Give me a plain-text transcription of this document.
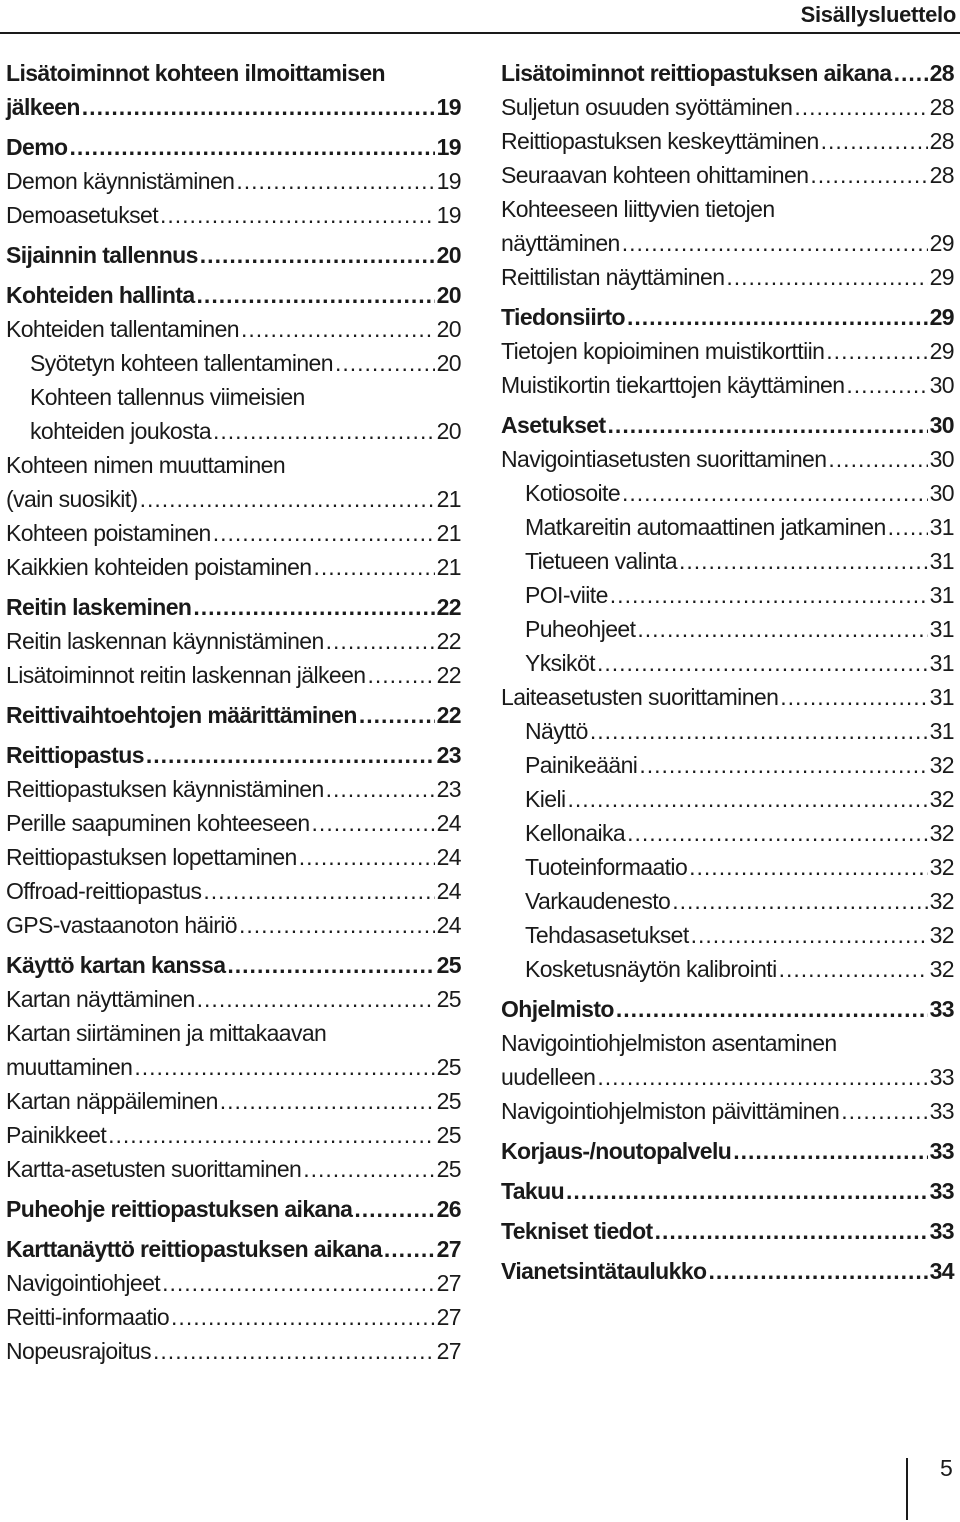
Sisällysluettelo
Lisätoiminnot kohteen ilmoittamisen
jälkeen .....	19
Demo .....	19
Demon käynnistäminen .....	19
Demoasetukset .....	19
Sijainnin tallennus .....	20
Kohteiden hallinta .....	20
Kohteiden tallentaminen .....	20
Syötetyn kohteen tallentaminen .....	20
Kohteen tallennus viimeisien
kohteiden joukosta .....	20
Kohteen nimen muuttaminen
(vain suosikit) .....	21
Kohteen poistaminen .....	21
Kaikkien kohteiden poistaminen .....	21
Reitin laskeminen .....	22
Reitin laskennan käynnistäminen .....	22
Lisätoiminnot reitin laskennan jälkeen .....	22
Reittivaihtoehtojen määrittäminen .....	22
Reittiopastus .....	23
Reittiopastuksen käynnistäminen .....	23
Perille saapuminen kohteeseen .....	24
Reittiopastuksen lopettaminen .....	24
Offroad-reittiopastus .....	24
GPS-vastaanoton häiriö .....	24
Käyttö kartan kanssa .....	25
Kartan näyttäminen .....	25
Kartan siirtäminen ja mittakaavan
muuttaminen .....	25
Kartan näppäileminen .....	25
Painikkeet .....	25
Kartta-asetusten suorittaminen .....	25
Puheohje reittiopastuksen aikana .....	26
Karttanäyttö reittiopastuksen aikana ..... 27
Navigointiohjeet .....	27
Reitti-informaatio .....	27
Nopeusrajoitus .....	27
Lisätoiminnot reittiopastuksen aikana ..... 28
Suljetun osuuden syöttäminen .....	28
Reittiopastuksen keskeyttäminen .....	28
Seuraavan kohteen ohittaminen .....	28
Kohteeseen liittyvien tietojen
näyttäminen .....	29
Reittilistan näyttäminen .....	29
Tiedonsiirto .....	29
Tietojen kopioiminen muistikorttiin .....	29
Muistikortin tiekarttojen käyttäminen .....	30
Asetukset .....	30
Navigointiasetusten suorittaminen .....	30
Kotiosoite .....	30
Matkareitin automaattinen jatkaminen ..... 31
Tietueen valinta .....	31
POI-viite .....	31
Puheohjeet .....	31
Yksiköt .....	31
Laiteasetusten suorittaminen .....	31
Näyttö .....	31
Painikeääni .....	32
Kieli .....	32
Kellonaika .....	32
Tuoteinformaatio .....	32
Varkaudenesto .....	32
Tehdasasetukset .....	32
Kosketusnäytön kalibrointi .....	32
Ohjelmisto .....	33
Navigointiohjelmiston asentaminen
uudelleen .....	33
Navigointiohjelmiston päivittäminen .....	33
Korjaus-/noutopalvelu .....	33
Takuu .....	33
Tekniset tiedot .....	33
Vianetsintätaulukko .....	34
5
